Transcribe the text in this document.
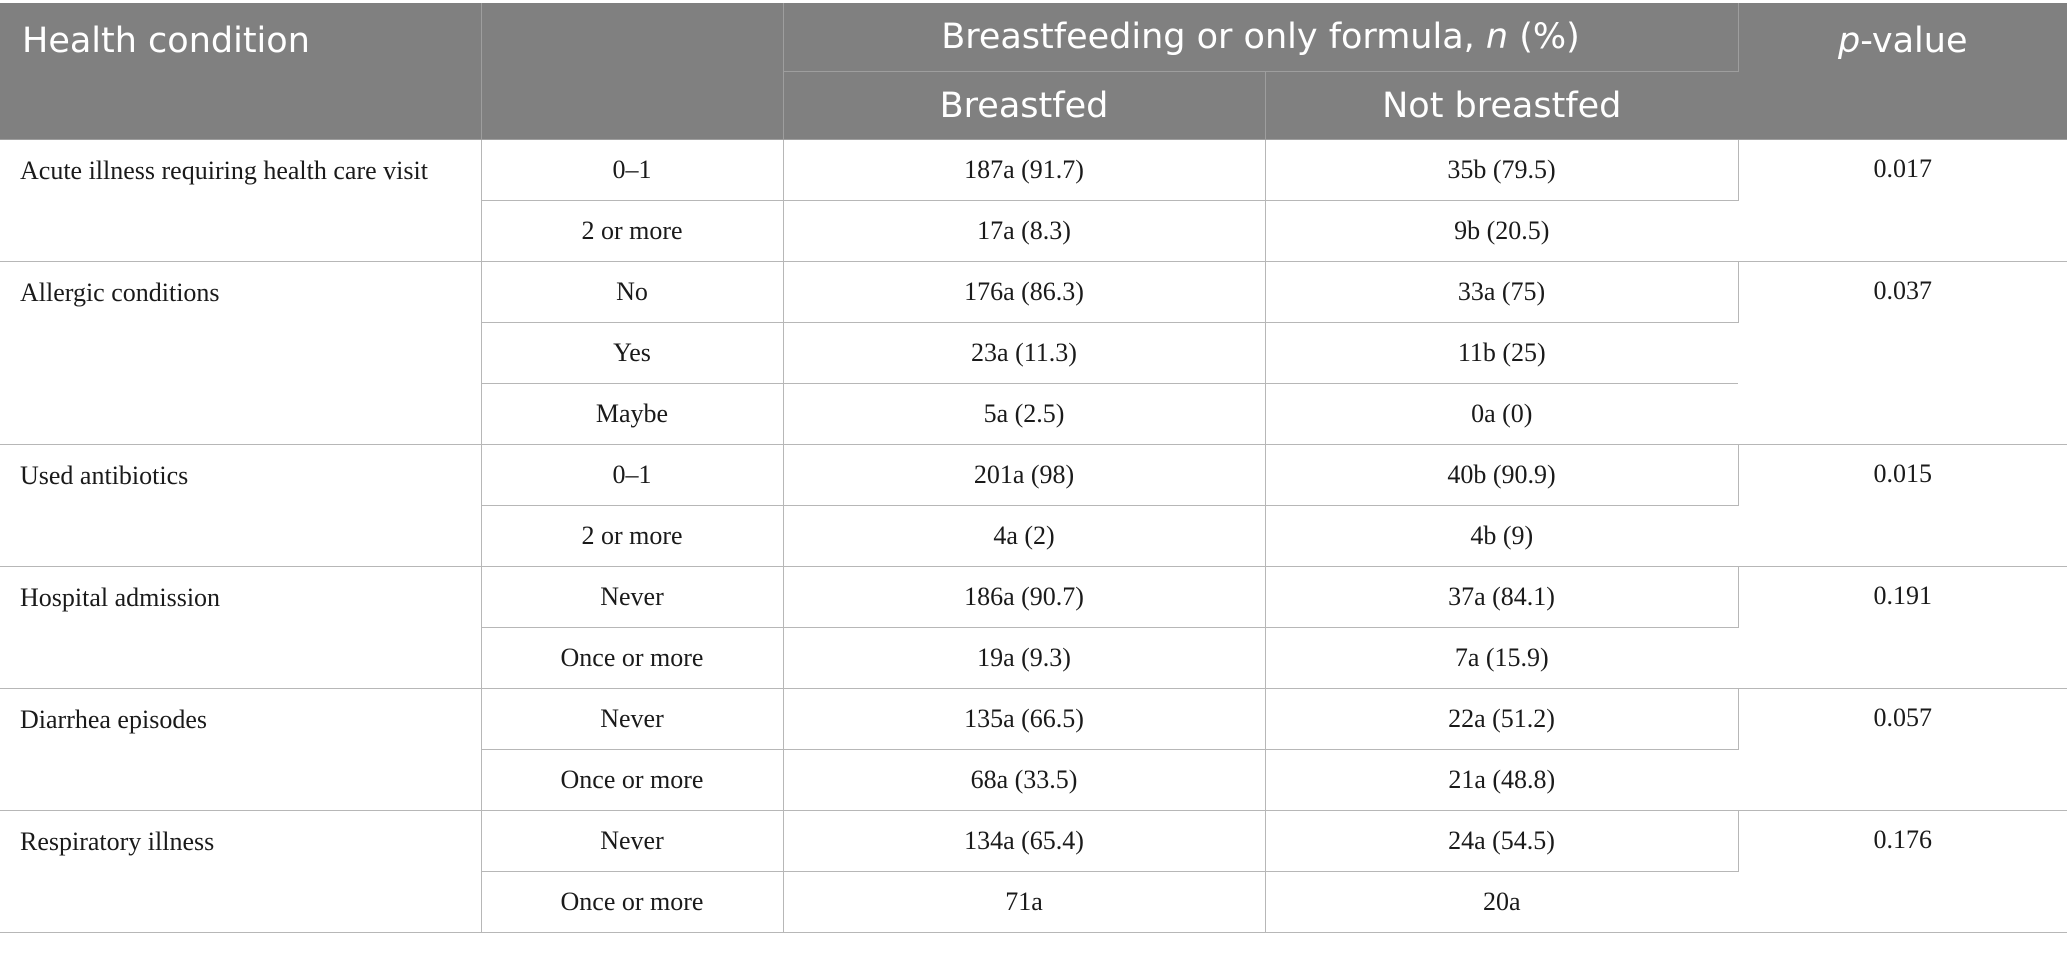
Health condition		Breastfeeding or only formula, n (%)		p-value
		Breastfed	Not breastfed	
Acute illness requiring health care visit	0–1	187a (91.7)	35b (79.5)	0.017
	2 or more	17a (8.3)	9b (20.5)	
Allergic conditions	No	176a (86.3)	33a (75)	0.037
	Yes	23a (11.3)	11b (25)	
	Maybe	5a (2.5)	0a (0)	
Used antibiotics	0–1	201a (98)	40b (90.9)	0.015
	2 or more	4a (2)	4b (9)	
Hospital admission	Never	186a (90.7)	37a (84.1)	0.191
	Once or more	19a (9.3)	7a (15.9)	
Diarrhea episodes	Never	135a (66.5)	22a (51.2)	0.057
	Once or more	68a (33.5)	21a (48.8)	
Respiratory illness	Never	134a (65.4)	24a (54.5)	0.176
	Once or more	71a	20a	
